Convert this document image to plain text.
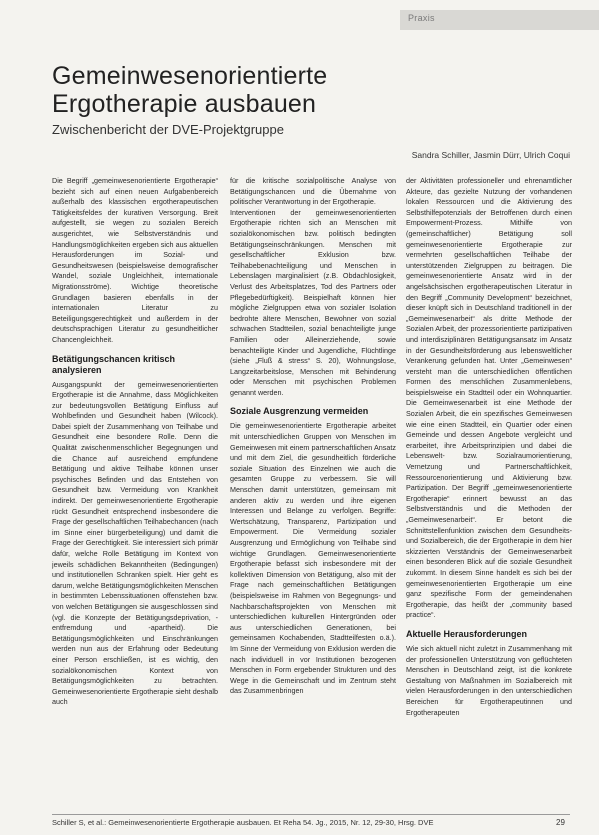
Praxis
Gemeinwesenorientierte
Ergotherapie ausbauen
Zwischenbericht der DVE-Projektgruppe
Sandra Schiller, Jasmin Dürr, Ulrich Coqui

Die Begriff „gemeinwesenorientierte Ergotherapie“ bezieht sich auf einen neuen Aufgabenbereich außerhalb des klassischen ergotherapeutischen Tätigkeitsfeldes der kurativen Versorgung. Breit aufgestellt, sie wegen zu sozialen Bereich ausgerichtet, wie Selbstverständnis und Handlungsmöglichkeiten ergeben sich aus aktuellen Herausforderungen im Sozial- und Gesundheitswesen (beispielsweise demografischer Wandel, soziale Ungleichheit, internationale Migrationsströme). Wichtige theoretische Grundlagen basieren ebenfalls in der internationalen Literatur zu Beteiligungsgerechtigkeit und außerdem in der deutschsprachigen Literatur zu gesundheitlicher Chancengleichheit.

Betätigungschancen kritisch analysieren

Ausgangspunkt der gemeinwesenorientierten Ergotherapie ist die Annahme, dass Möglichkeiten zur bedeutungsvollen Betätigung Einfluss auf Wohlbefinden und Gesundheit haben (Wilcock). Dabei spielt der Zusammenhang von Teilhabe und Gesundheit eine besondere Rolle. Denn die Qualität zwischenmenschlicher Begegnungen und die Chance auf ausreichend empfundene Betätigung und aktive Teilhabe können unser psychisches Befinden und das Entstehen von Gesundheit bzw. Vermeidung von Krankheit indirekt. Der gemeinwesenorientierte Ergotherapie rückt Gesundheit entsprechend insbesondere die Frage der gesellschaftlichen Teilhabechancen (nach im Sinne einer bürgerbeteiligung) und damit die Frage der Gerechtigkeit. Sie interessiert sich primär dafür, welche Rolle Betätigung im Kontext von jeweils schädlichen Bekanntheiten (Bedingungen) und institutionellen Schranken spielt. Hier geht es darum, welche Betätigungsmöglichkeiten Menschen in bestimmten Lebenssituationen offenstehen bzw. von welchen Betätigungen sie ausgeschlossen sind (vgl. die Konzepte der Betätigungsdeprivation, -entfremdung und -apartheid). Die Betätigungsmöglichkeiten und Einschränkungen werden nun aus der Erfahrung oder Bedeutung einer Person erschließen, ist es wichtig, den sozialökonomischen Kontext von Betätigungsmöglichkeiten zu betrachten. Gemeinwesenorientierte Ergotherapie sieht deshalb auch

für die kritische sozialpolitische Analyse von Betätigungschancen und die Übernahme von politischer Verantwortung in der Ergotherapie.

Interventionen der gemeinwesenorientierten Ergotherapie richten sich an Menschen mit sozialökonomischen bzw. politisch bedingten Betätigungseinschränkungen. Menschen mit gesellschaftlicher Exklusion bzw. Teilhabebenachteiligung und Menschen in Lebenslagen marginalisiert (z.B. Obdachlosigkeit, Verlust des Arbeitsplatzes, Tod des Partners oder Pflegebedürftigkeit). Beispielhaft können hier mögliche Zielgruppen etwa von sozialer Isolation bedrohte ältere Menschen, Bewohner von sozial schwachen Stadtteilen, sozial benachteiligte junge Familien oder Alleinerziehende, sowie benachteiligte Kinder und Jugendliche, Flüchtlinge (siehe „Fluß & stress“ S. 20), Wohnungslose, Langzeitarbeitslose, Menschen mit Behinderung oder Menschen mit psychischen Problemen genannt werden.

Soziale Ausgrenzung vermeiden

Die gemeinwesenorientierte Ergotherapie arbeitet mit unterschiedlichen Gruppen von Menschen im Gemeinwesen mit einem partnerschaftlichen Ansatz und mit dem Ziel, die gesundheitlich förderliche soziale Situation des Einzelnen wie auch die gesamten Gruppe zu verbessern. Sie will Menschen damit unterstützen, gemeinsam mit anderen aktiv zu werden und ihre eigenen Interessen und Belange zu verfolgen. Begriffe: Wertschätzung, Transparenz, Partizipation und Empowerment. Die Vermeidung sozialer Ausgrenzung und Ermöglichung von Teilhabe sind wichtige Grundlagen. Gemeinwesenorientierte Ergotherapie befasst sich insbesondere mit der kollektiven Dimension von Betätigung, also mit der Frage nach gemeinschaftlichen Betätigungen (beispielsweise im Rahmen von Begegnungs- und Nachbarschaftsprojekten von Menschen mit unterschiedlichen kulturellen Hintergründen oder aus unterschiedlichen Generationen, bei gemeinsamen Kochabenden, Stadtteilfesten o.ä.). Im Sinne der Vermeidung von Exklusion werden die nach individuell in vor Institutionen bezogenen Menschen in Form ergebender Strukturen und des Wege in die Gemeinschaft und im Zentrum steht das Zusammenbringen

der Aktivitäten professioneller und ehrenamtlicher Akteure, das gezielte Nutzung der vorhandenen lokalen Ressourcen und die Aktivierung des Selbsthilfepotenzials der Betroffenen durch einen Empowerment-Prozess. Mithilfe von (gemeinschaftlicher) Betätigung soll gemeinwesenorientierte Ergotherapie zur vermehrten gesellschaftlichen Teilhabe der unterstützenden Zielgruppen zu beitragen. Die gemeinwesenorientierte Ansatz wird in der angelsächsischen ergotherapeutischen Literatur in den Begriff „Community Development“ bezeichnet, dieser knüpft sich in Deutschland traditionell in der „Gemeinwesenarbeit“ als dritte Methode der Sozialen Arbeit, der prozessorientierte partizipativen und interdisziplinären Betätigungsansatz im Ansatz in der Gesundheitsförderung aus lebensweltlicher Verankerung gefunden hat. Unter „Gemeinwesen“ versteht man die unterschiedlichen öffentlichen Formen des menschlichen Zusammenlebens, beispielsweise ein Stadtteil oder ein Wohnquartier. Die Gemeinwesenarbeit ist eine Methode der Sozialen Arbeit, die ein spezifisches Gemeinwesen wie eine einen Stadtteil, ein Quartier oder einen Gemeinde und dessen Angebote vergleicht und erarbeitet, ihre Arbeitsprinzipien und dabei die Lebenswelt- bzw. Sozialraumorientierung, Vernetzung und Partnerschaftlichkeit, Ressourcenorientierung und Aktivierung bzw. Partizipation. Der Begriff „gemeinwesenorientierte Ergotherapie“ erinnert bewusst an das Selbstverständnis und die Methoden der „Gemeinwesenarbeit“. Er betont die Schnittstellenfunktion zwischen dem Gesundheits- und Sozialbereich, die der Ergotherapie in dem hier skizzierten Verständnis der Gemeinwesenarbeit einen besonderen Blick auf die soziale Gesundheit zukommt. In diesem Sinne handelt es sich bei der gemeinwesenorientierten Ergotherapie um eine ganz spezifische Form der gemeindenahen Ergotherapie, das heißt der „community based practice“.

Aktuelle Herausforderungen

Wie sich aktuell nicht zuletzt in Zusammenhang mit der professionellen Unterstützung von geflüchteten Menschen in Deutschland zeigt, ist die konkrete Gestaltung von Maßnahmen im Sozialbereich mit vielen Herausforderungen in den unterschiedlichen Bereichen für Ergotherapeutinnen und Ergotherapeuten

Schiller S, et al.: Gemeinwesenorientierte Ergotherapie ausbauen. Et Reha 54. Jg., 2015, Nr. 12, 29-30, Hrsg. DVE	29
